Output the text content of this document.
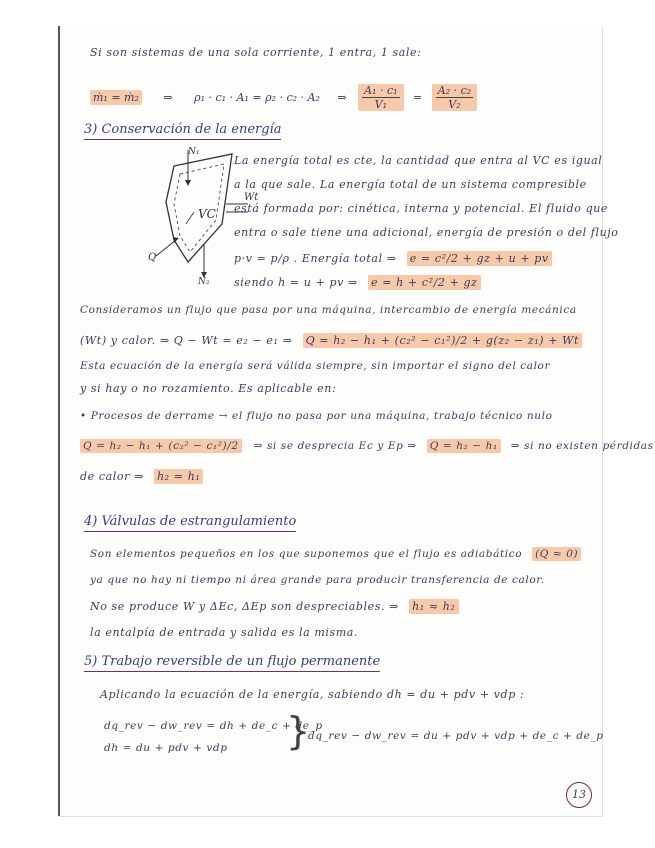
Si son sistemas de una sola corriente, 1 entra, 1 sale:
ṁ₁ = ṁ₂ ⇒ ρ₁ · c₁ · A₁ = ρ₂ · c₂ · A₂ ⇒ $\frac{\text{A₁ · c₁}}{\text{V₁}} = \frac{\text{A₂ · c₂}}{\text{V₂}}$
3) Conservación de la energía
N₁
VC
N₂
Wt
Q
La energía total es cte, la cantidad que entra al VC es igual
a la que sale. La energía total de un sistema compresible
está formada por: cinética, interna y potencial. El fluido que
entra o sale tiene una adicional, energía de presión o del flujo
p·v = p/ρ . Energía total ⇒ e = c²/2 + gz + u + pv
siendo h = u + pv ⇒ e = h + c²/2 + gz
Consideramos un flujo que pasa por una máquina, intercambio de energía mecánica
(Wt) y calor. ⇒ Q − Wt = e₂ − e₁ ⇒ Q = h₂ − h₁ + (c₂² − c₁²)/2 + g(z₂ − z₁) + Wt
Esta ecuación de la energía será válida siempre, sin importar el signo del calor
y si hay o no rozamiento. Es aplicable en:
• Procesos de derrame → el flujo no pasa por una máquina, trabajo técnico nulo
Q = h₂ − h₁ + (c₂² − c₁²)/2 ⇒ si se desprecia Ec y Ep ⇒ Q = h₂ − h₁ ⇒ si no existen pérdidas
de calor ⇒ h₂ = h₁
4) Válvulas de estrangulamiento
Son elementos pequeños en los que suponemos que el flujo es adiabático (Q ≈ 0)
ya que no hay ni tiempo ni área grande para producir transferencia de calor.
No se produce W y ΔEc, ΔEp son despreciables. ⇒ h₁ ≈ h₂
la entalpía de entrada y salida es la misma.
5) Trabajo reversible de un flujo permanente
Aplicando la ecuación de la energía, sabiendo dh = du + pdv + vdp :
dq_rev − dw_rev = dh + de_c + de_p
dh = du + pdv + vdp }
dq_rev − dw_rev = du + pdv + vdp + de_c + de_p
13
